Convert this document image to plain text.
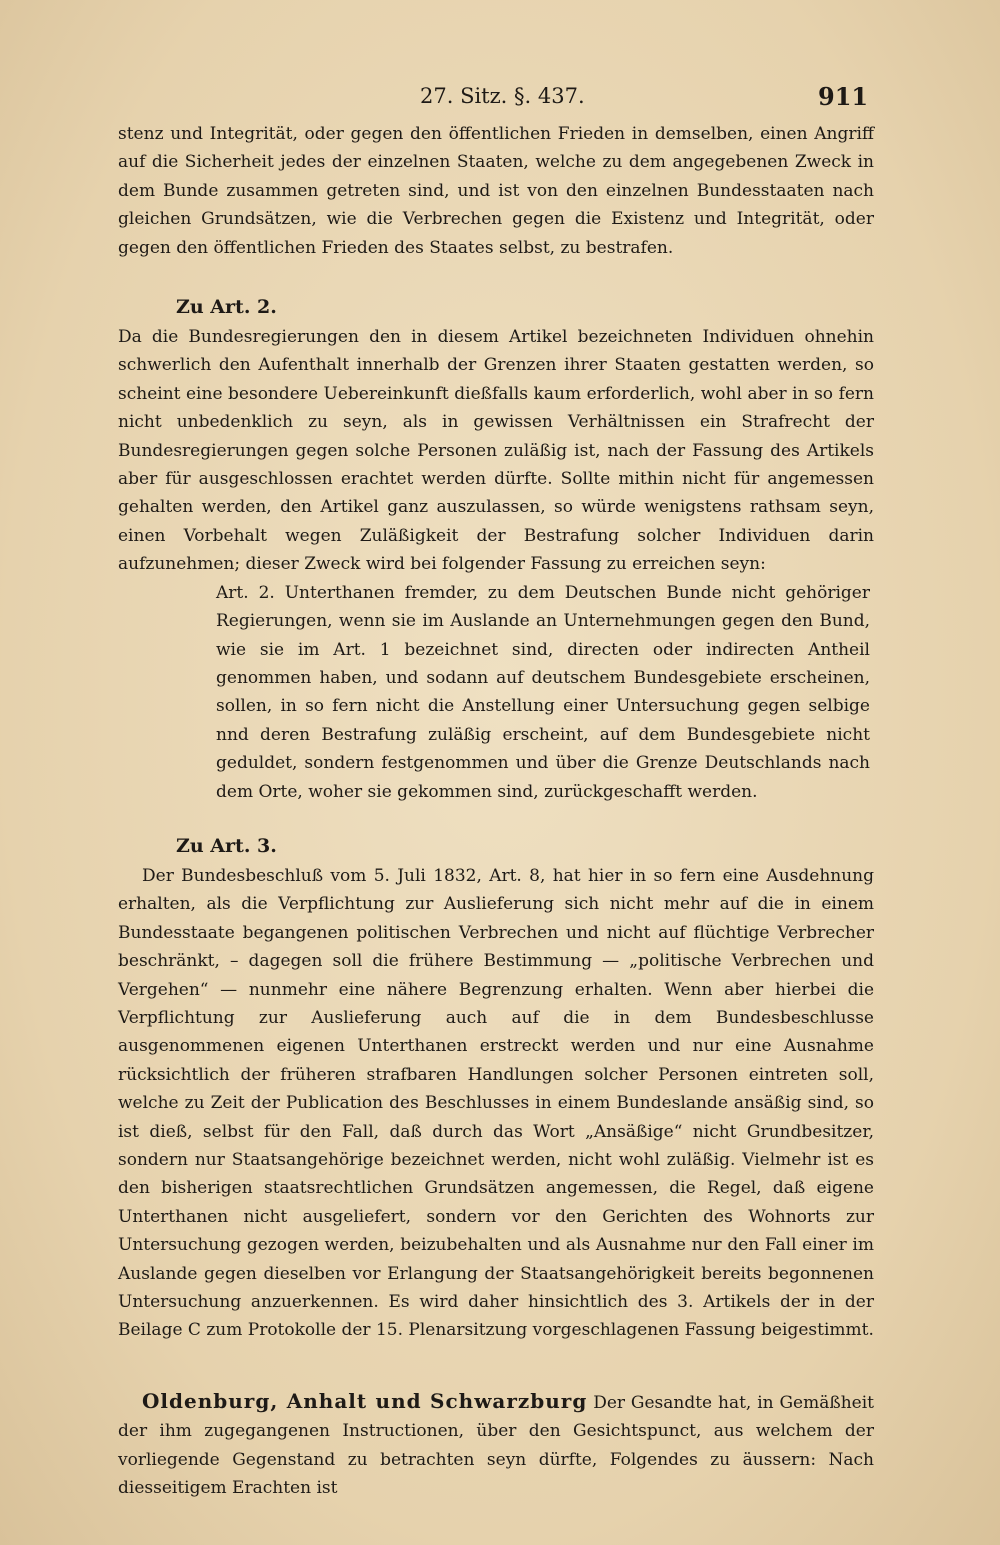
27. Sitz. §. 437.	911

stenz und Integrität, oder gegen den öffentlichen Frieden in demselben, einen Angriff auf die Sicherheit jedes der einzelnen Staaten, welche zu dem angegebenen Zweck in dem Bunde zusammen getreten sind, und ist von den einzelnen Bundesstaaten nach gleichen Grundsätzen, wie die Verbrechen gegen die Existenz und Integrität, oder gegen den öffentlichen Frieden des Staates selbst, zu bestrafen.

Zu Art. 2.

Da die Bundesregierungen den in diesem Artikel bezeichneten Individuen ohnehin schwerlich den Aufenthalt innerhalb der Grenzen ihrer Staaten gestatten werden, so scheint eine besondere Uebereinkunft dießfalls kaum erforderlich, wohl aber in so fern nicht unbedenklich zu seyn, als in gewissen Verhältnissen ein Strafrecht der Bundesregierungen gegen solche Personen zuläßig ist, nach der Fassung des Artikels aber für ausgeschlossen erachtet werden dürfte. Sollte mithin nicht für angemessen gehalten werden, den Artikel ganz auszulassen, so würde wenigstens rathsam seyn, einen Vorbehalt wegen Zuläßigkeit der Bestrafung solcher Individuen darin aufzunehmen; dieser Zweck wird bei folgender Fassung zu erreichen seyn:

Art. 2. Unterthanen fremder, zu dem Deutschen Bunde nicht gehöriger Regierungen, wenn sie im Auslande an Unternehmungen gegen den Bund, wie sie im Art. 1 bezeichnet sind, directen oder indirecten Antheil genommen haben, und sodann auf deutschem Bundesgebiete erscheinen, sollen, in so fern nicht die Anstellung einer Untersuchung gegen selbige nnd deren Bestrafung zuläßig erscheint, auf dem Bundesgebiete nicht geduldet, sondern festgenommen und über die Grenze Deutschlands nach dem Orte, woher sie gekommen sind, zurückgeschafft werden.

Zu Art. 3.

Der Bundesbeschluß vom 5. Juli 1832, Art. 8, hat hier in so fern eine Ausdehnung erhalten, als die Verpflichtung zur Auslieferung sich nicht mehr auf die in einem Bundesstaate begangenen politischen Verbrechen und nicht auf flüchtige Verbrecher beschränkt, – dagegen soll die frühere Bestimmung — „politische Verbrechen und Vergehen“ — nunmehr eine nähere Begrenzung erhalten. Wenn aber hierbei die Verpflichtung zur Auslieferung auch auf die in dem Bundesbeschlusse ausgenommenen eigenen Unterthanen erstreckt werden und nur eine Ausnahme rücksichtlich der früheren strafbaren Handlungen solcher Personen eintreten soll, welche zu Zeit der Publication des Beschlusses in einem Bundeslande ansäßig sind, so ist dieß, selbst für den Fall, daß durch das Wort „Ansäßige“ nicht Grundbesitzer, sondern nur Staatsangehörige bezeichnet werden, nicht wohl zuläßig. Vielmehr ist es den bisherigen staatsrechtlichen Grundsätzen angemessen, die Regel, daß eigene Unterthanen nicht ausgeliefert, sondern vor den Gerichten des Wohnorts zur Untersuchung gezogen werden, beizubehalten und als Ausnahme nur den Fall einer im Auslande gegen dieselben vor Erlangung der Staatsangehörigkeit bereits begonnenen Untersuchung anzuerkennen. Es wird daher hinsichtlich des 3. Artikels der in der Beilage C zum Protokolle der 15. Plenarsitzung vorgeschlagenen Fassung beigestimmt.

Oldenburg, Anhalt und Schwarzburg Der Gesandte hat, in Gemäßheit der ihm zugegangenen Instructionen, über den Gesichtspunct, aus welchem der vorliegende Gegenstand zu betrachten seyn dürfte, Folgendes zu äussern: Nach diesseitigem Erachten ist
